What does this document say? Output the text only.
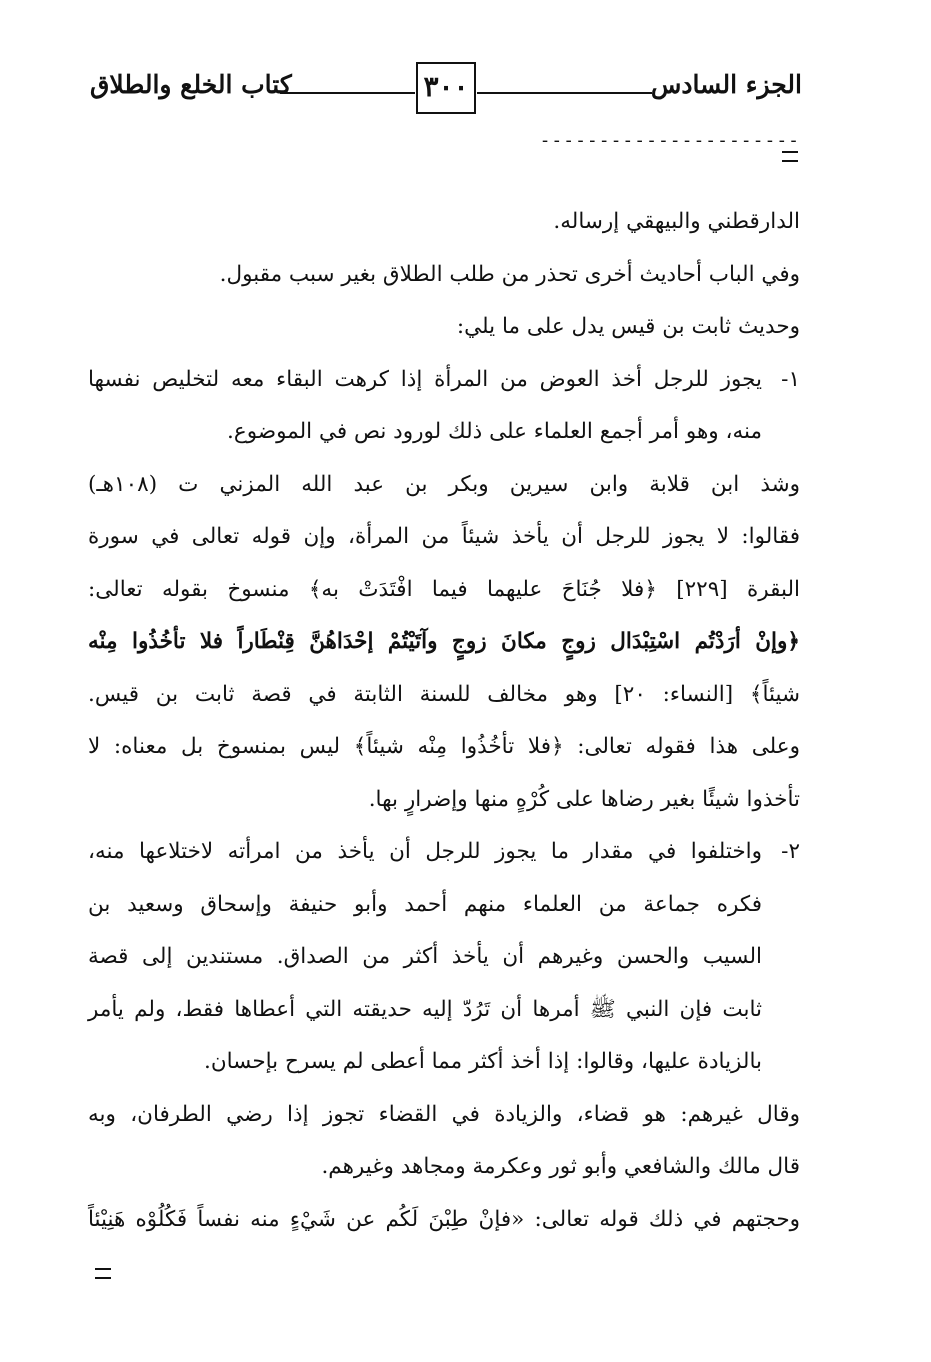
الجزء السادس
٣٠٠
كتاب الخلع والطلاق
----------------------
الدارقطني والبيهقي إرساله.
وفي الباب أحاديث أخرى تحذر من طلب الطلاق بغير سبب مقبول.
وحديث ثابت بن قيس يدل على ما يلي:
١-يجوز للرجل أخذ العوض من المرأة إذا كرهت البقاء معه لتخليص نفسها
منه، وهو أمر أجمع العلماء على ذلك لورود نص في الموضوع.
وشذ ابن قلابة وابن سيرين وبكر بن عبد الله المزني ت (١٠٨هـ)
فقالوا: لا يجوز للرجل أن يأخذ شيئاً من المرأة، وإن قوله تعالى في سورة
البقرة [٢٢٩] ﴿فلا جُنَاحَ عليهما فيما افْتَدَتْ به﴾ منسوخ بقوله تعالى:
﴿وإنْ أرَدْتُم اسْتِبْدَال زوجٍ مكانَ زوجٍ وآتَيْتُمْ إحْدَاهُنَّ قِنْطَاراً فلا تأخُذُوا مِنْه
شيئاً﴾ [النساء: ٢٠] وهو مخالف للسنة الثابتة في قصة ثابت بن قيس.
وعلى هذا فقوله تعالى: ﴿فلا تأخُذُوا مِنْه شيئاً﴾ ليس بمنسوخ بل معناه: لا
تأخذوا شيئًا بغير رضاها على كُرْهٍ منها وإضرارٍ بها.
٢-واختلفوا في مقدار ما يجوز للرجل أن يأخذ من امرأته لاختلاعها منه،
فكره جماعة من العلماء منهم أحمد وأبو حنيفة وإسحاق وسعيد بن
السيب والحسن وغيرهم أن يأخذ أكثر من الصداق. مستندين إلى قصة
ثابت فإن النبي ﷺ أمرها أن تَرُدّ إليه حديقته التي أعطاها فقط، ولم يأمر
بالزيادة عليها، وقالوا: إذا أخذ أكثر مما أعطى لم يسرح بإحسان.
وقال غيرهم: هو قضاء، والزيادة في القضاء تجوز إذا رضي الطرفان، وبه
قال مالك والشافعي وأبو ثور وعكرمة ومجاهد وغيرهم.
وحجتهم في ذلك قوله تعالى: «فإنْ طِبْنَ لَكُم عن شَيْءٍ منه نفساً فَكُلُوْه هَنِيْئاً
